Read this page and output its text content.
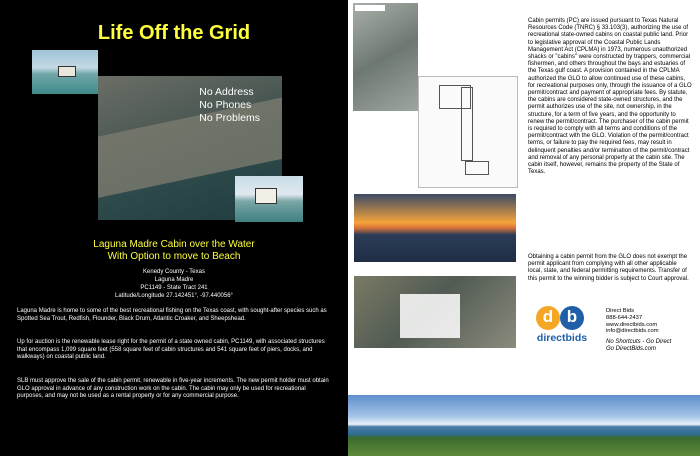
Life Off the Grid
No Address
No Phones
No Problems
Laguna Madre Cabin over the Water
With Option to move to Beach
Kenedy County - Texas
Laguna Madre
PC1149 - State Tract 241
Latitude/Longitude 27.142451°, -97.440056°
Laguna Madre is home to some of the best recreational fishing on the Texas coast, with sought-after species such as Spotted Sea Trout, Redfish, Flounder, Black Drum, Atlantic Croaker, and Sheepshead.
Up for auction is the renewable lease right for the permit of a state owned cabin, PC1149, with associated structures that encompass 1,099 square feet (558 square feet of cabin structures and 541 square feet of piers, docks, and walkways) on coastal public land.
SLB must approve the sale of the cabin permit, renewable in five-year increments. The new permit holder must obtain GLO approval in advance of any construction work on the cabin. The cabin may only be used for recreational purposes, and may not be used as a rental property or for any commercial purpose.
Cabin permits (PC) are issued pursuant to Texas Natural Resources Code (TNRC) § 33.103(3), authorizing the use of recreational state-owned cabins on coastal public land. Prior to legislative approval of the Coastal Public Lands Management Act (CPLMA) in 1973, numerous unauthorized shacks or "cabins" were constructed by trappers, commercial fishermen, and others throughout the bays and estuaries of the Texas gulf coast. A provision contained in the CPLMA authorized the GLO to allow continued use of these cabins, for recreational purposes only, through the issuance of a GLO permit/contract and payment of appropriate fees. By statute, the cabins are considered state-owned structures, and the permit authorizes use of the site, not ownership, in the structure, for a term of five years, and the opportunity to renew the permit/contract. The purchaser of the cabin permit is required to comply with all terms and conditions of the permit/contract with the GLO. Violation of the permit/contract terms, or failure to pay the required fees, may result in delinquent penalties and/or termination of the permit/contract and removal of any personal property at the cabin site. The cabin itself, however, remains the property of the State of Texas.
Obtaining a cabin permit from the GLO does not exempt the permit applicant from complying with all other applicable local, state, and federal permitting requirements. Transfer of this permit to the winning bidder is subject to Court approval.
d b
directbids
Direct Bids
888-644-2437
www.directbids.com
info@directbids.com
No Shortcuts - Go Direct
Go DirectBids.com
